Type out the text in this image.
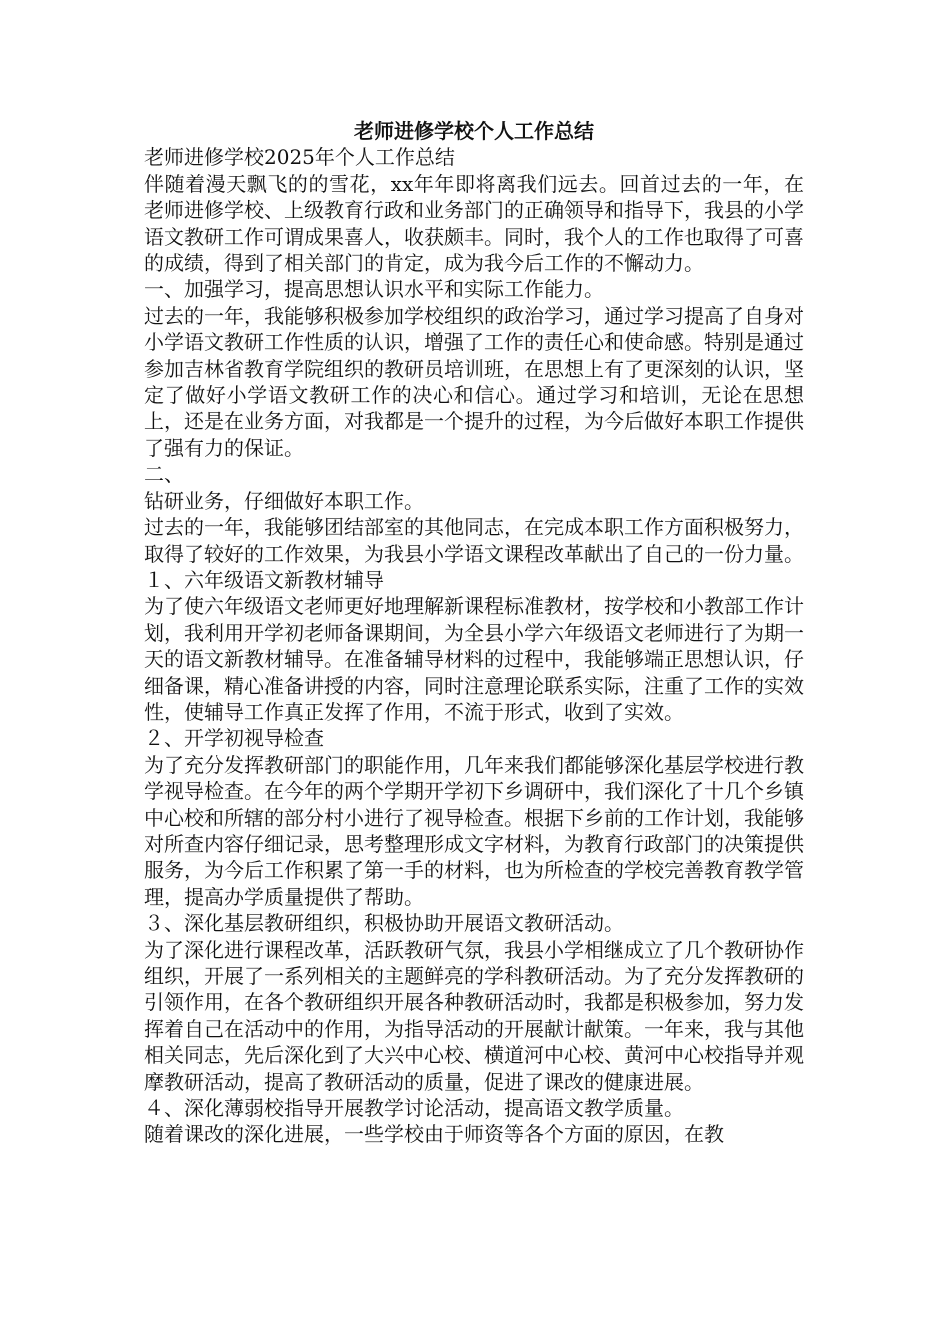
老师进修学校个人工作总结

老师进修学校2025年个人工作总结

伴随着漫天飘飞的的雪花，xx年年即将离我们远去。回首过去的一年，在老师进修学校、上级教育行政和业务部门的正确领导和指导下，我县的小学语文教研工作可谓成果喜人，收获颇丰。同时，我个人的工作也取得了可喜的成绩，得到了相关部门的肯定，成为我今后工作的不懈动力。

一、加强学习，提高思想认识水平和实际工作能力。

过去的一年，我能够积极参加学校组织的政治学习，通过学习提高了自身对小学语文教研工作性质的认识，增强了工作的责任心和使命感。特别是通过参加吉林省教育学院组织的教研员培训班，在思想上有了更深刻的认识，坚定了做好小学语文教研工作的决心和信心。通过学习和培训，无论在思想上，还是在业务方面，对我都是一个提升的过程，为今后做好本职工作提供了强有力的保证。

二、

钻研业务，仔细做好本职工作。

过去的一年，我能够团结部室的其他同志，在完成本职工作方面积极努力，取得了较好的工作效果，为我县小学语文课程改革献出了自己的一份力量。

１、六年级语文新教材辅导

为了使六年级语文老师更好地理解新课程标准教材，按学校和小教部工作计划，我利用开学初老师备课期间，为全县小学六年级语文老师进行了为期一天的语文新教材辅导。在准备辅导材料的过程中，我能够端正思想认识，仔细备课，精心准备讲授的内容，同时注意理论联系实际，注重了工作的实效性，使辅导工作真正发挥了作用，不流于形式，收到了实效。

２、开学初视导检查

为了充分发挥教研部门的职能作用，几年来我们都能够深化基层学校进行教学视导检查。在今年的两个学期开学初下乡调研中，我们深化了十几个乡镇中心校和所辖的部分村小进行了视导检查。根据下乡前的工作计划，我能够对所查内容仔细记录，思考整理形成文字材料，为教育行政部门的决策提供服务，为今后工作积累了第一手的材料，也为所检查的学校完善教育教学管理，提高办学质量提供了帮助。

３、深化基层教研组织，积极协助开展语文教研活动。

为了深化进行课程改革，活跃教研气氛，我县小学相继成立了几个教研协作组织，开展了一系列相关的主题鲜亮的学科教研活动。为了充分发挥教研的引领作用，在各个教研组织开展各种教研活动时，我都是积极参加，努力发挥着自己在活动中的作用，为指导活动的开展献计献策。一年来，我与其他相关同志，先后深化到了大兴中心校、横道河中心校、黄河中心校指导并观摩教研活动，提高了教研活动的质量，促进了课改的健康进展。

４、深化薄弱校指导开展教学讨论活动，提高语文教学质量。

随着课改的深化进展，一些学校由于师资等各个方面的原因，在教
